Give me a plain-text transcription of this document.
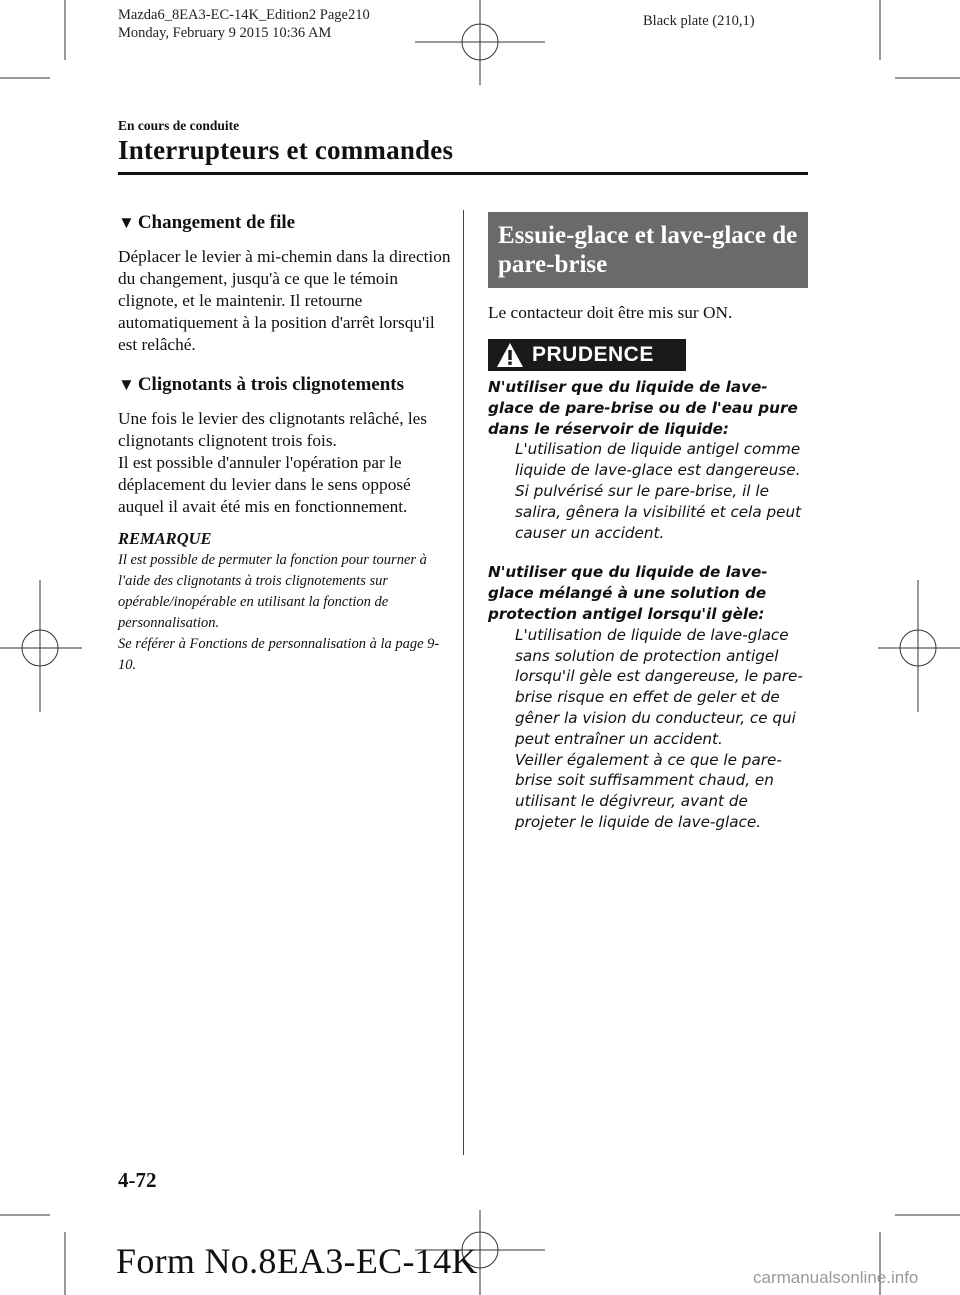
Mazda6_8EA3-EC-14K_Edition2 Page210
Monday, February 9 2015 10:36 AM
Black plate (210,1)
En cours de conduite
Interrupteurs et commandes
▼ Changement de file

Déplacer le levier à mi-chemin dans la direction du changement, jusqu'à ce que le témoin clignote, et le maintenir. Il retourne automatiquement à la position d'arrêt lorsqu'il est relâché.

▼ Clignotants à trois clignotements

Une fois le levier des clignotants relâché, les clignotants clignotent trois fois.

Il est possible d'annuler l'opération par le déplacement du levier dans le sens opposé auquel il avait été mis en fonctionnement.

REMARQUE

Il est possible de permuter la fonction pour tourner à l'aide des clignotants à trois clignotements sur opérable/inopérable en utilisant la fonction de personnalisation.

Se référer à Fonctions de personnalisation à la page 9-10.

Essuie-glace et lave-glace de pare-brise

Le contacteur doit être mis sur ON.

PRUDENCE

N'utiliser que du liquide de lave-glace de pare-brise ou de l'eau pure dans le réservoir de liquide:

L'utilisation de liquide antigel comme liquide de lave-glace est dangereuse. Si pulvérisé sur le pare-brise, il le salira, gênera la visibilité et cela peut causer un accident.

N'utiliser que du liquide de lave-glace mélangé à une solution de protection antigel lorsqu'il gèle:

L'utilisation de liquide de lave-glace sans solution de protection antigel lorsqu'il gèle est dangereuse, le pare-brise risque en effet de geler et de gêner la vision du conducteur, ce qui peut entraîner un accident.

Veiller également à ce que le pare-brise soit suffisamment chaud, en utilisant le dégivreur, avant de projeter le liquide de lave-glace.

4-72
Form No.8EA3-EC-14K	carmanualsonline.info
